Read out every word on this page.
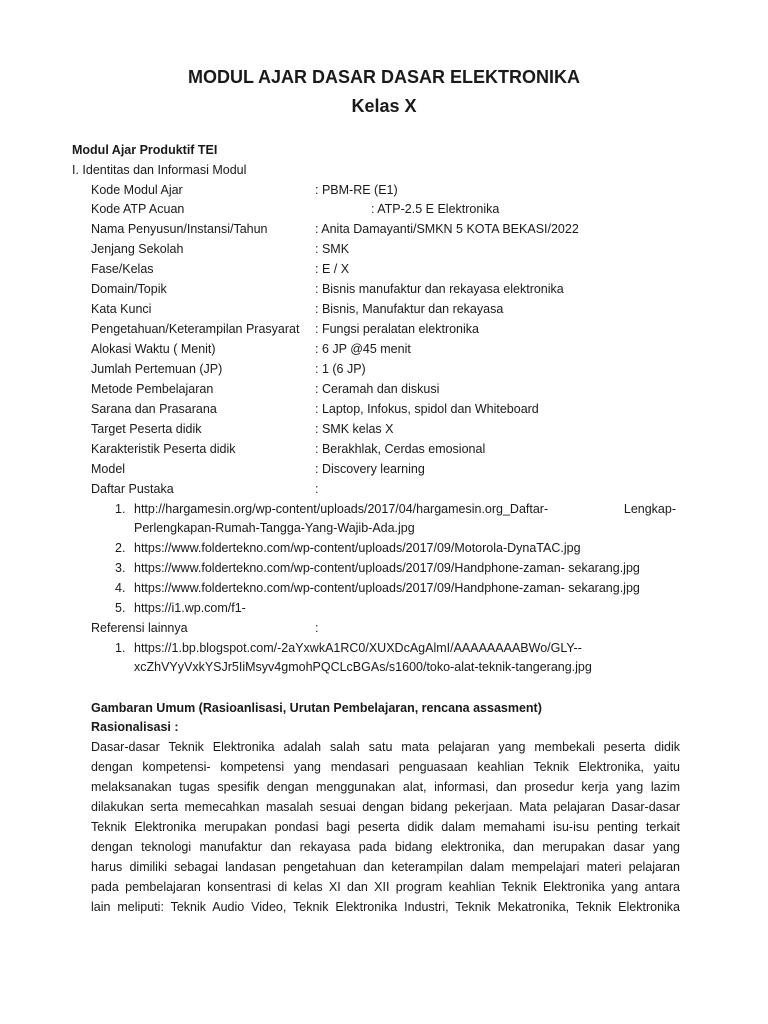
MODUL AJAR DASAR DASAR ELEKTRONIKA
Kelas X
Modul Ajar Produktif TEI
I. Identitas dan Informasi Modul
Kode Modul Ajar	: PBM-RE (E1)
Kode ATP Acuan	: ATP-2.5 E Elektronika
Nama Penyusun/Instansi/Tahun	: Anita Damayanti/SMKN 5 KOTA BEKASI/2022
Jenjang Sekolah	: SMK
Fase/Kelas	: E / X
Domain/Topik	: Bisnis manufaktur dan rekayasa elektronika
Kata Kunci	: Bisnis, Manufaktur dan rekayasa
Pengetahuan/Keterampilan Prasyarat : Fungsi peralatan elektronika
Alokasi Waktu ( Menit)	: 6 JP @45 menit
Jumlah Pertemuan (JP)	: 1 (6 JP)
Metode Pembelajaran	: Ceramah dan diskusi
Sarana dan Prasarana	: Laptop, Infokus, spidol dan Whiteboard
Target Peserta didik	: SMK kelas X
Karakteristik Peserta didik	: Berakhlak, Cerdas emosional
Model	: Discovery learning
Daftar Pustaka	:
1. http://hargamesin.org/wp-content/uploads/2017/04/hargamesin.org_Daftar-	Lengkap-
Perlengkapan-Rumah-Tangga-Yang-Wajib-Ada.jpg
2. https://www.foldertekno.com/wp-content/uploads/2017/09/Motorola-DynaTAC.jpg
3. https://www.foldertekno.com/wp-content/uploads/2017/09/Handphone-zaman- sekarang.jpg
4. https://www.foldertekno.com/wp-content/uploads/2017/09/Handphone-zaman- sekarang.jpg
5. https://i1.wp.com/f1-
Referensi lainnya	:
1. https://1.bp.blogspot.com/-2aYxwkA1RC0/XUXDcAgAlmI/AAAAAAAABWo/GLY--
xcZhVYyVxkYSJr5IiMsyv4gmohPQCLcBGAs/s1600/toko-alat-teknik-tangerang.jpg
Gambaran Umum (Rasioanlisasi, Urutan Pembelajaran, rencana assasment)
Rasionalisasi :
Dasar-dasar Teknik Elektronika adalah salah satu mata pelajaran yang membekali peserta didik
dengan kompetensi- kompetensi yang mendasari penguasaan keahlian Teknik Elektronika, yaitu
melaksanakan tugas spesifik dengan menggunakan alat, informasi, dan prosedur kerja yang lazim
dilakukan serta memecahkan masalah sesuai dengan bidang pekerjaan. Mata pelajaran Dasar-dasar
Teknik Elektronika merupakan pondasi bagi peserta didik dalam memahami isu-isu penting terkait
dengan teknologi manufaktur dan rekayasa pada bidang elektronika, dan merupakan dasar yang
harus dimiliki sebagai landasan pengetahuan dan keterampilan dalam mempelajari materi pelajaran
pada pembelajaran konsentrasi di kelas XI dan XII program keahlian Teknik Elektronika yang antara
lain meliputi: Teknik Audio Video, Teknik Elektronika Industri, Teknik Mekatronika, Teknik Elektronika
